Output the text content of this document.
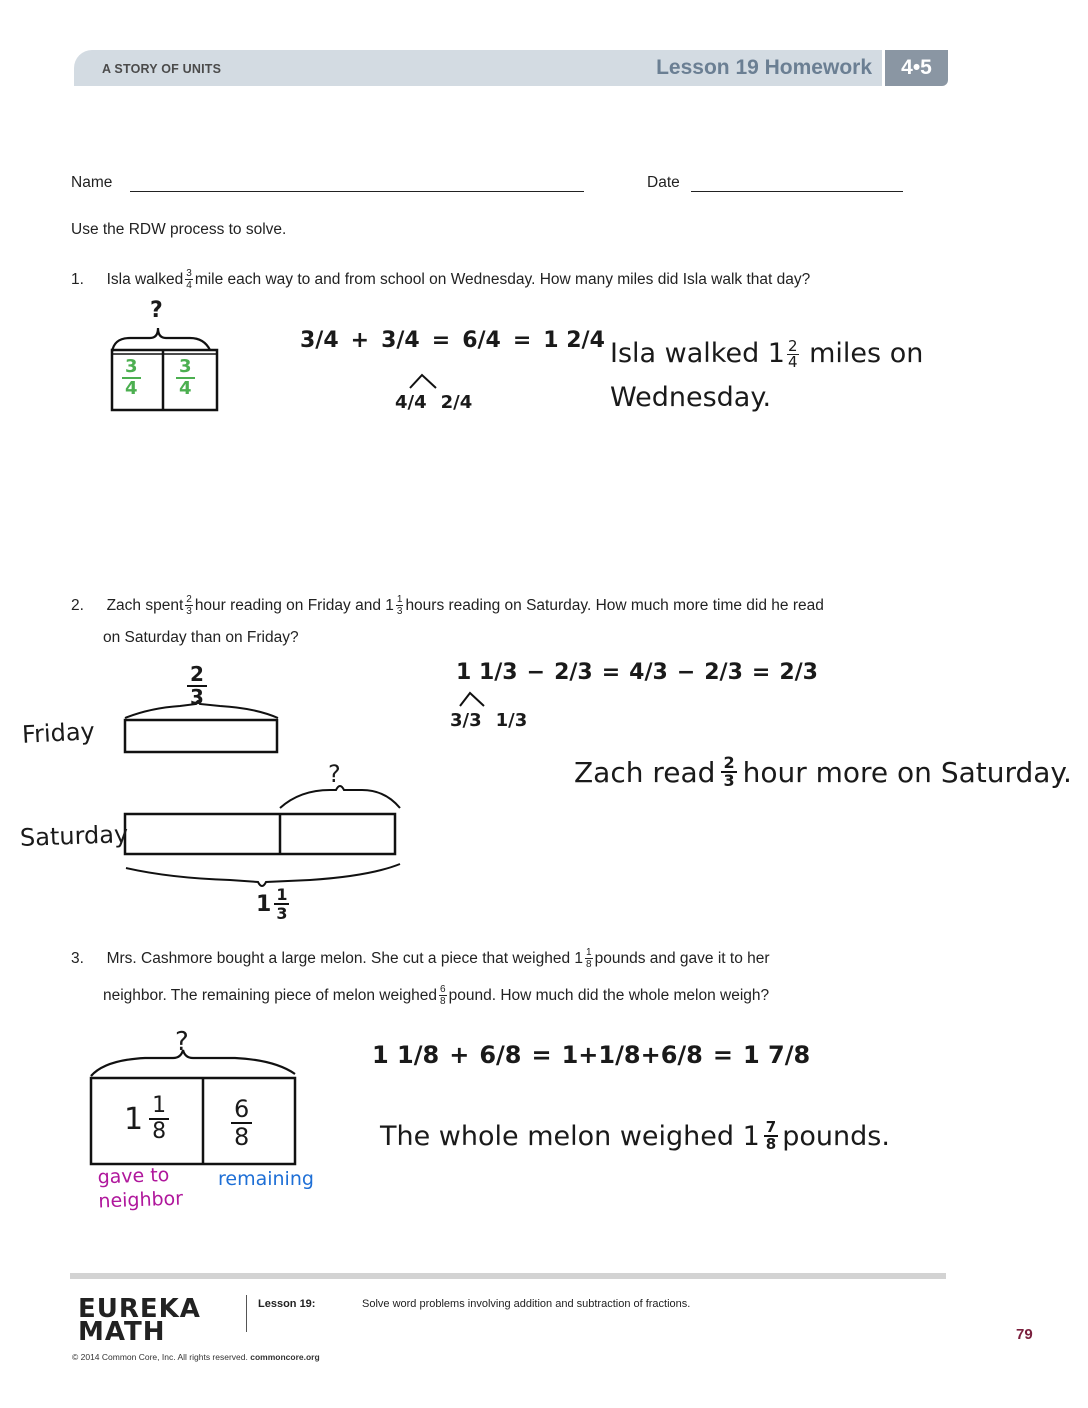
A STORY OF UNITS	Lesson 19 Homework	4•5
Name	Date
Use the RDW process to solve.
1. Isla walked $\frac{3}{4}$ mile each way to and from school on Wednesday. How many miles did Isla walk that day?
?
3
4
3
4
3/4 + 3/4 = 6/4 = 1 2/4
4/4 2/4
Isla walked $1 \frac{2}{4}$ miles on
Wednesday.
2. Zach spent $\frac{2}{3}$ hour reading on Friday and $1 \frac{1}{3}$ hours reading on Saturday. How much more time did he read
on Saturday than on Friday?
Friday
2
3
Saturday
?
1 1
3
1 1/3 − 2/3 = 4/3 − 2/3 = 2/3
3/3 1/3
Zach read 2
3 hour more on Saturday.
3. Mrs. Cashmore bought a large melon. She cut a piece that weighed $1 \frac{1}{8}$ pounds and gave it to her
neighbor. The remaining piece of melon weighed $\frac{6}{8}$ pound. How much did the whole melon weigh?
?
1 1
8
6
8
gave to
neighbor
remaining
1 1/8 + 6/8 = 1+1/8+6/8 = 1 7/8
The whole melon weighed 1 7
8 pounds.
EUREKA
MATH
Lesson 19:	Solve word problems involving addition and subtraction of fractions.
© 2014 Common Core, Inc. All rights reserved. commoncore.org
79
